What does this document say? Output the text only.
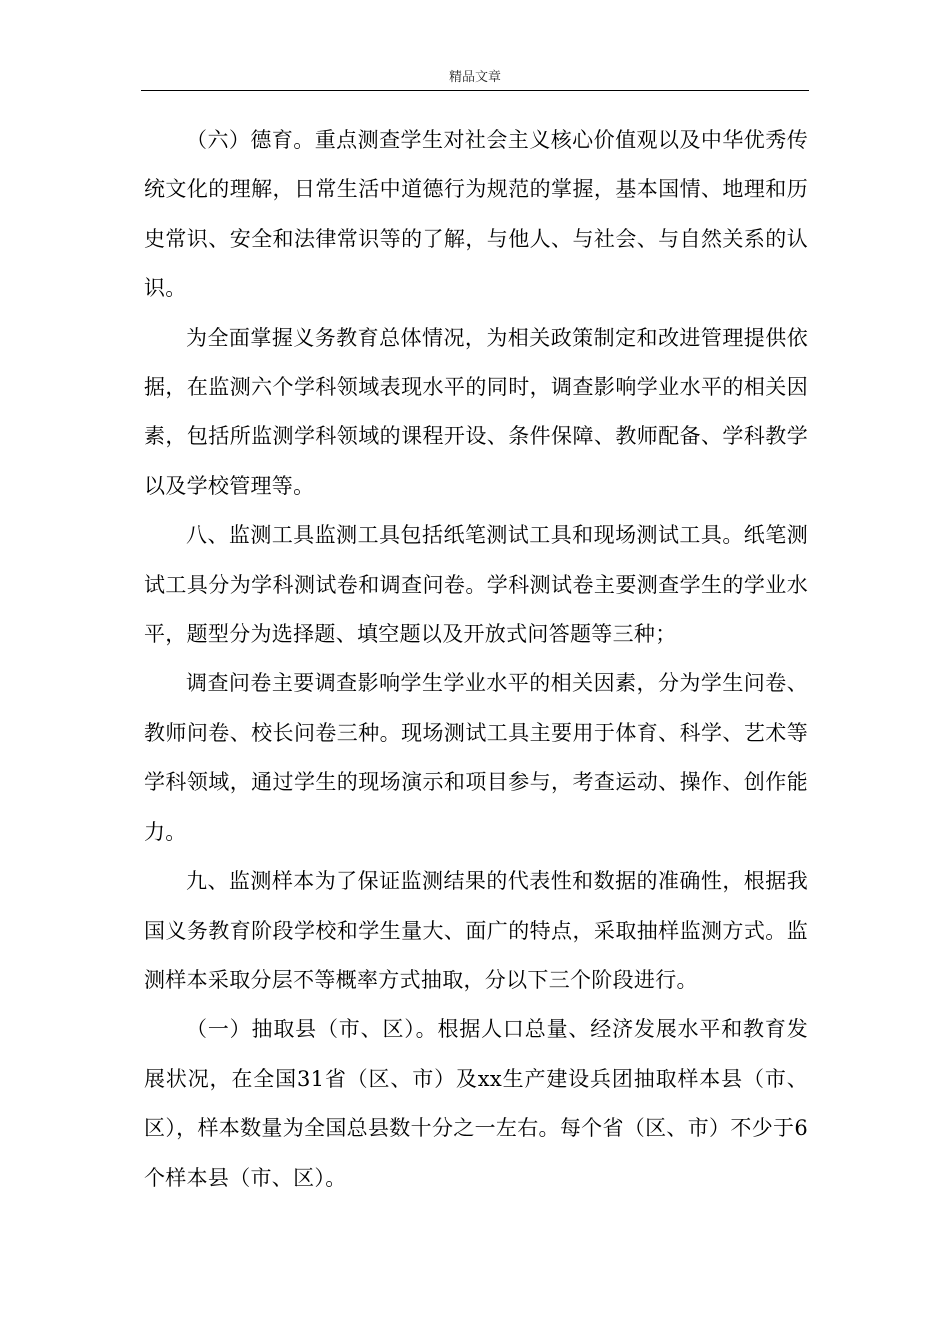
精品文章

（六）德育。重点测查学生对社会主义核心价值观以及中华优秀传统文化的理解，日常生活中道德行为规范的掌握，基本国情、地理和历史常识、安全和法律常识等的了解，与他人、与社会、与自然关系的认识。

为全面掌握义务教育总体情况，为相关政策制定和改进管理提供依据，在监测六个学科领域表现水平的同时，调查影响学业水平的相关因素，包括所监测学科领域的课程开设、条件保障、教师配备、学科教学以及学校管理等。

八、监测工具监测工具包括纸笔测试工具和现场测试工具。纸笔测试工具分为学科测试卷和调查问卷。学科测试卷主要测查学生的学业水平，题型分为选择题、填空题以及开放式问答题等三种；

调查问卷主要调查影响学生学业水平的相关因素，分为学生问卷、教师问卷、校长问卷三种。现场测试工具主要用于体育、科学、艺术等学科领域，通过学生的现场演示和项目参与，考查运动、操作、创作能力。

九、监测样本为了保证监测结果的代表性和数据的准确性，根据我国义务教育阶段学校和学生量大、面广的特点，采取抽样监测方式。监测样本采取分层不等概率方式抽取，分以下三个阶段进行。

（一）抽取县（市、区）。根据人口总量、经济发展水平和教育发展状况，在全国31省（区、市）及xx生产建设兵团抽取样本县（市、区），样本数量为全国总县数十分之一左右。每个省（区、市）不少于6个样本县（市、区）。
